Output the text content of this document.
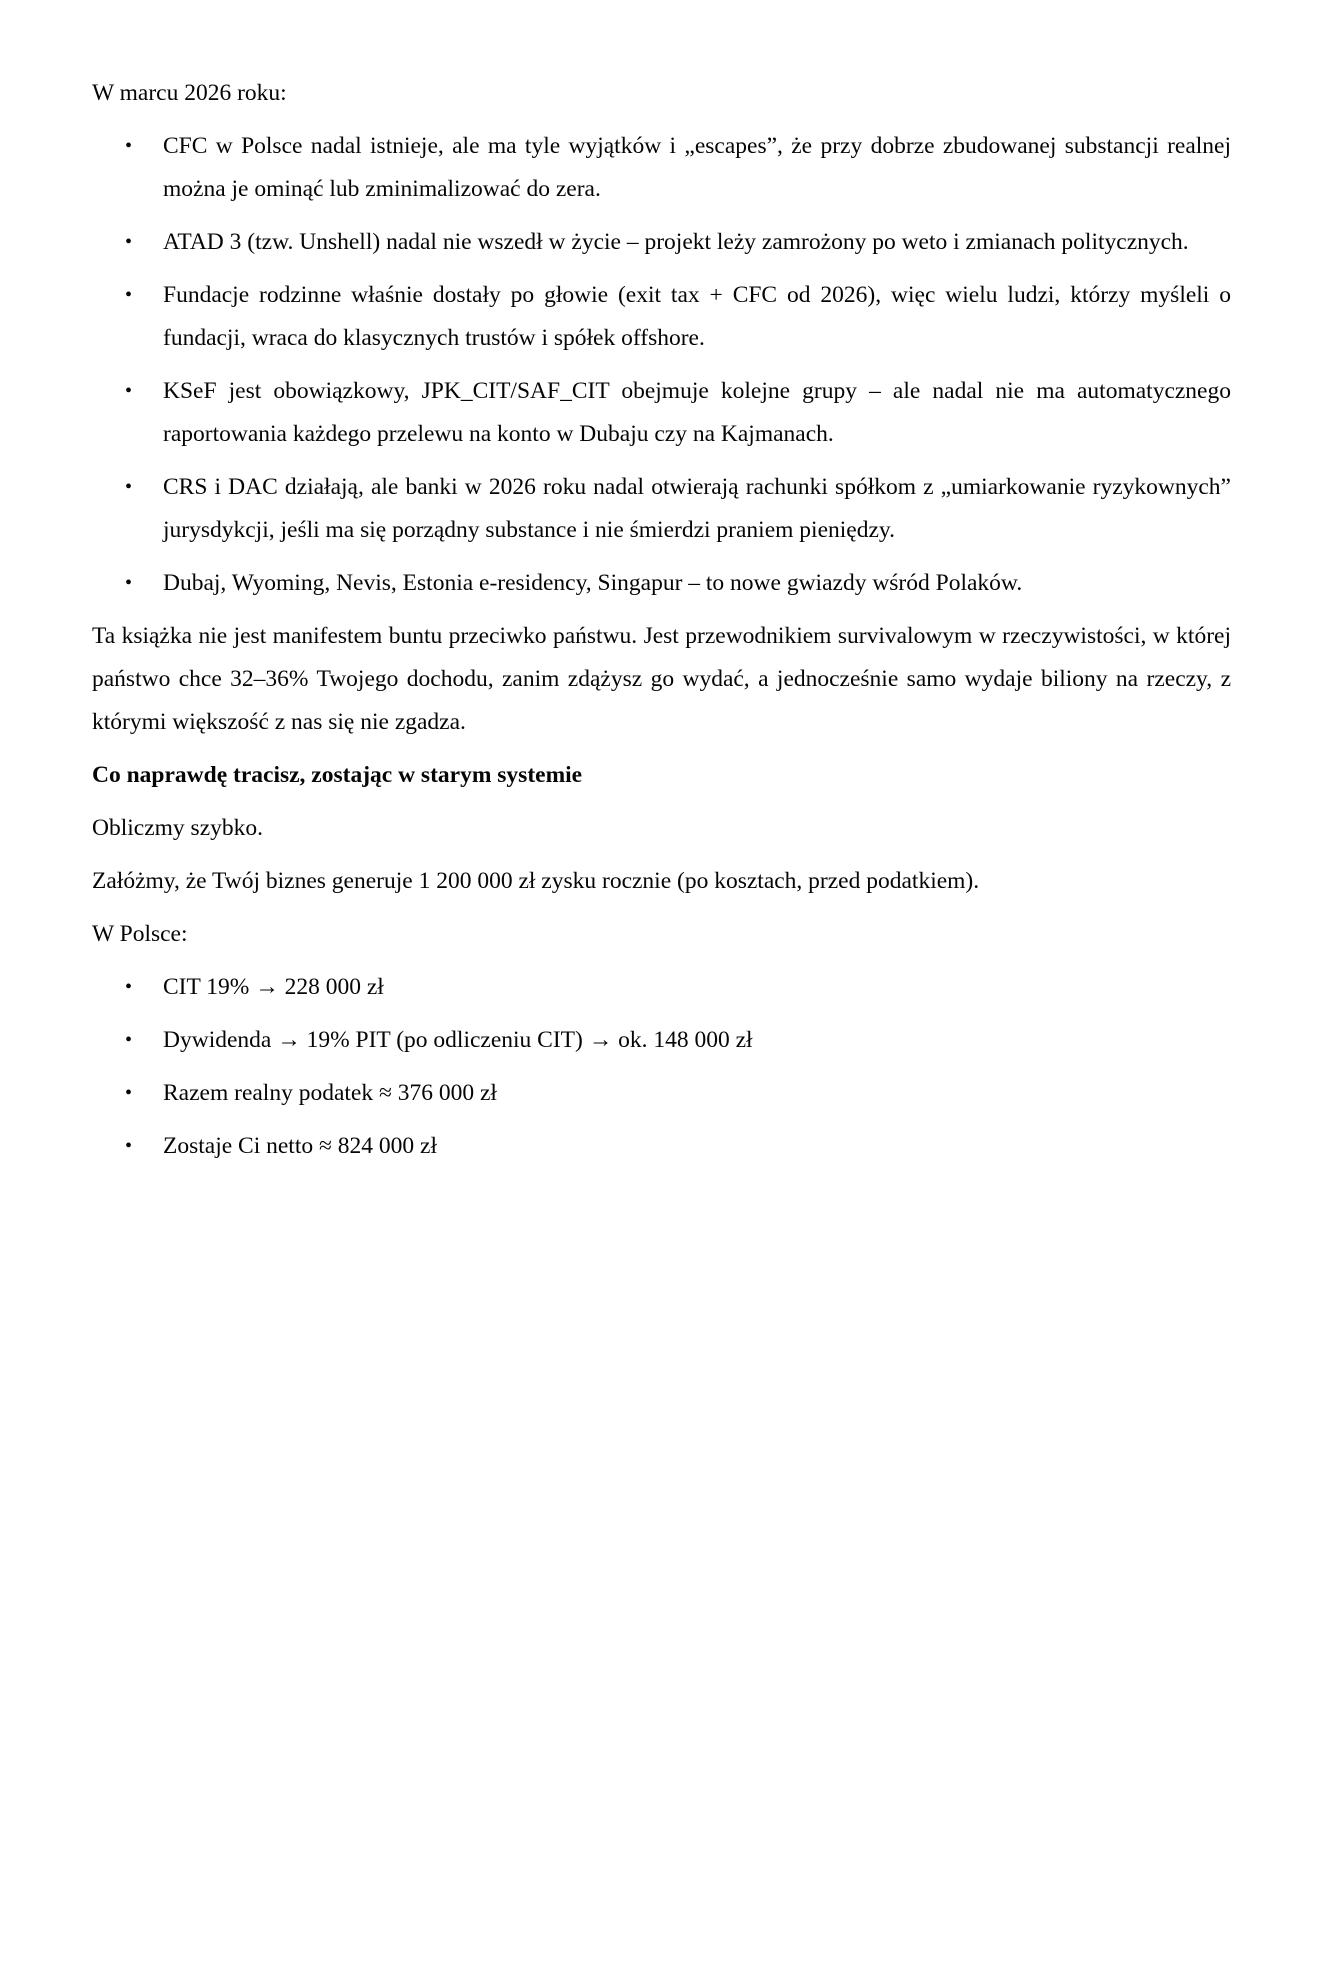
W marcu 2026 roku:

• CFC w Polsce nadal istnieje, ale ma tyle wyjątków i „escapes”, że przy dobrze zbudowanej substancji realnej można je ominąć lub zminimalizować do zera.
• ATAD 3 (tzw. Unshell) nadal nie wszedł w życie – projekt leży zamrożony po weto i zmianach politycznych.
• Fundacje rodzinne właśnie dostały po głowie (exit tax + CFC od 2026), więc wielu ludzi, którzy myśleli o fundacji, wraca do klasycznych trustów i spółek offshore.
• KSeF jest obowiązkowy, JPK_CIT/SAF_CIT obejmuje kolejne grupy – ale nadal nie ma automatycznego raportowania każdego przelewu na konto w Dubaju czy na Kajmanach.
• CRS i DAC działają, ale banki w 2026 roku nadal otwierają rachunki spółkom z „umiarkowanie ryzykownych” jurysdykcji, jeśli ma się porządny substance i nie śmierdzi praniem pieniędzy.
• Dubaj, Wyoming, Nevis, Estonia e-residency, Singapur – to nowe gwiazdy wśród Polaków.

Ta książka nie jest manifestem buntu przeciwko państwu. Jest przewodnikiem survivalowym w rzeczywistości, w której państwo chce 32–36% Twojego dochodu, zanim zdążysz go wydać, a jednocześnie samo wydaje biliony na rzeczy, z którymi większość z nas się nie zgadza.

Co naprawdę tracisz, zostając w starym systemie

Obliczmy szybko.

Załóżmy, że Twój biznes generuje 1 200 000 zł zysku rocznie (po kosztach, przed podatkiem).

W Polsce:

• CIT 19% → 228 000 zł
• Dywidenda → 19% PIT (po odliczeniu CIT) → ok. 148 000 zł
• Razem realny podatek ≈ 376 000 zł
• Zostaje Ci netto ≈ 824 000 zł
